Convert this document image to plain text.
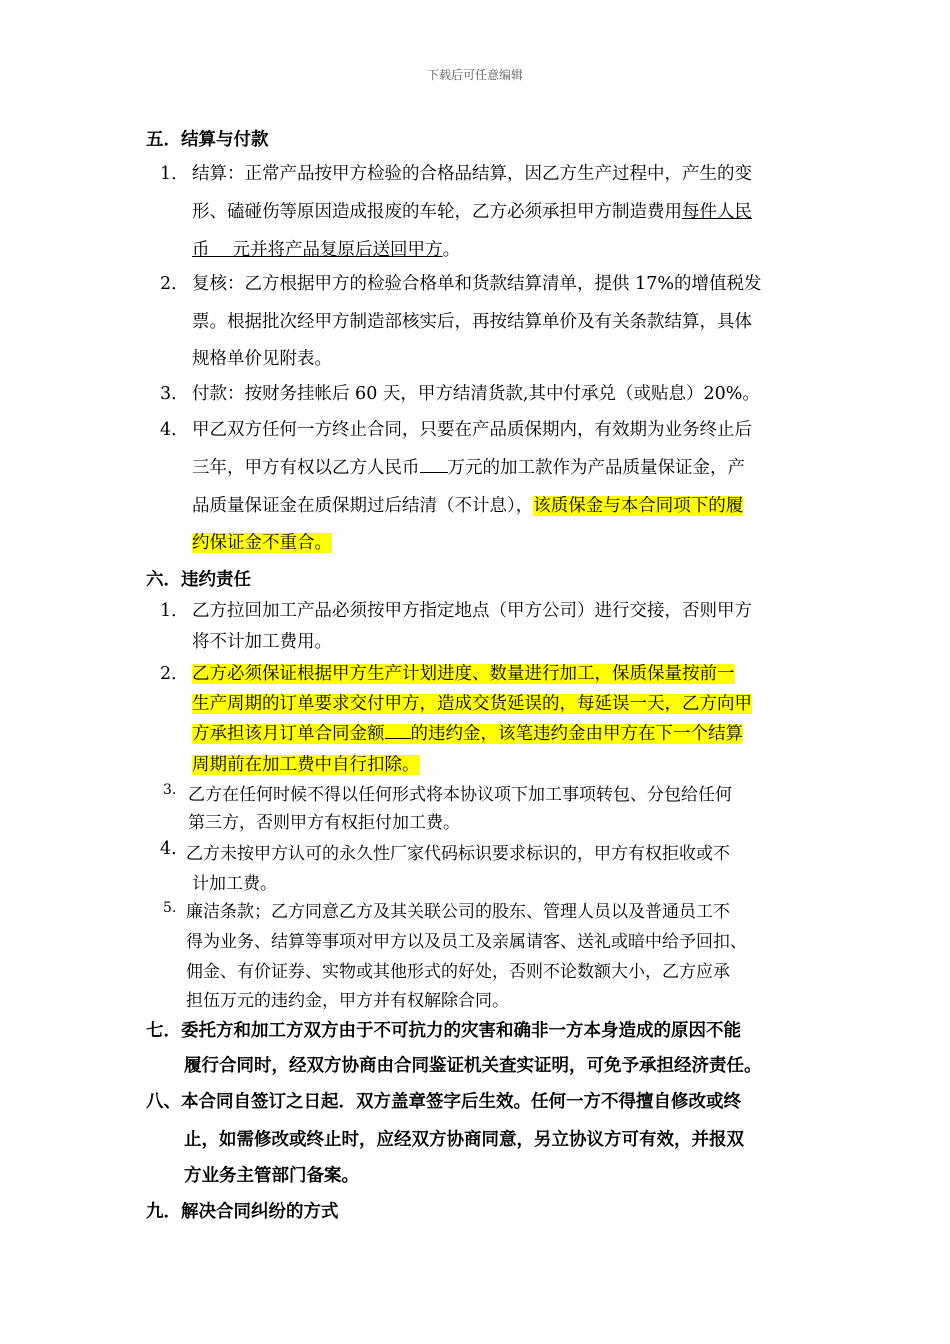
下载后可任意编辑
五．结算与付款
1． 结算：正常产品按甲方检验的合格品结算，因乙方生产过程中，产生的变
形、磕碰伤等原因造成报废的车轮，乙方必须承担甲方制造费用每件人民
币　 元并将产品复原后送回甲方。
2． 复核：乙方根据甲方的检验合格单和货款结算清单，提供 17%的增值税发
票。根据批次经甲方制造部核实后，再按结算单价及有关条款结算，具体
规格单价见附表。
3． 付款：按财务挂帐后 60 天，甲方结清货款,其中付承兑（或贴息）20%。
4． 甲乙双方任何一方终止合同，只要在产品质保期内，有效期为业务终止后
三年，甲方有权以乙方人民币 万元的加工款作为产品质量保证金，产
品质量保证金在质保期过后结清（不计息），该质保金与本合同项下的履
约保证金不重合。
六．违约责任
1． 乙方拉回加工产品必须按甲方指定地点（甲方公司）进行交接，否则甲方
将不计加工费用。
2． 乙方必须保证根据甲方生产计划进度、数量进行加工，保质保量按前一
生产周期的订单要求交付甲方，造成交货延误的，每延误一天，乙方向甲
方承担该月订单合同金额 的违约金，该笔违约金由甲方在下一个结算
周期前在加工费中自行扣除。
3. 乙方在任何时候不得以任何形式将本协议项下加工事项转包、分包给任何
第三方，否则甲方有权拒付加工费。
4. 乙方未按甲方认可的永久性厂家代码标识要求标识的，甲方有权拒收或不
计加工费。
5. 廉洁条款；乙方同意乙方及其关联公司的股东、管理人员以及普通员工不
得为业务、结算等事项对甲方以及员工及亲属请客、送礼或暗中给予回扣、
佣金、有价证券、实物或其他形式的好处，否则不论数额大小，乙方应承
担伍万元的违约金，甲方并有权解除合同。
七．委托方和加工方双方由于不可抗力的灾害和确非一方本身造成的原因不能
履行合同时，经双方协商由合同鉴证机关查实证明，可免予承担经济责任。
八、本合同自签订之日起．双方盖章签字后生效。任何一方不得擅自修改或终
止，如需修改或终止时，应经双方协商同意，另立协议方可有效，并报双
方业务主管部门备案。
九．解决合同纠纷的方式
